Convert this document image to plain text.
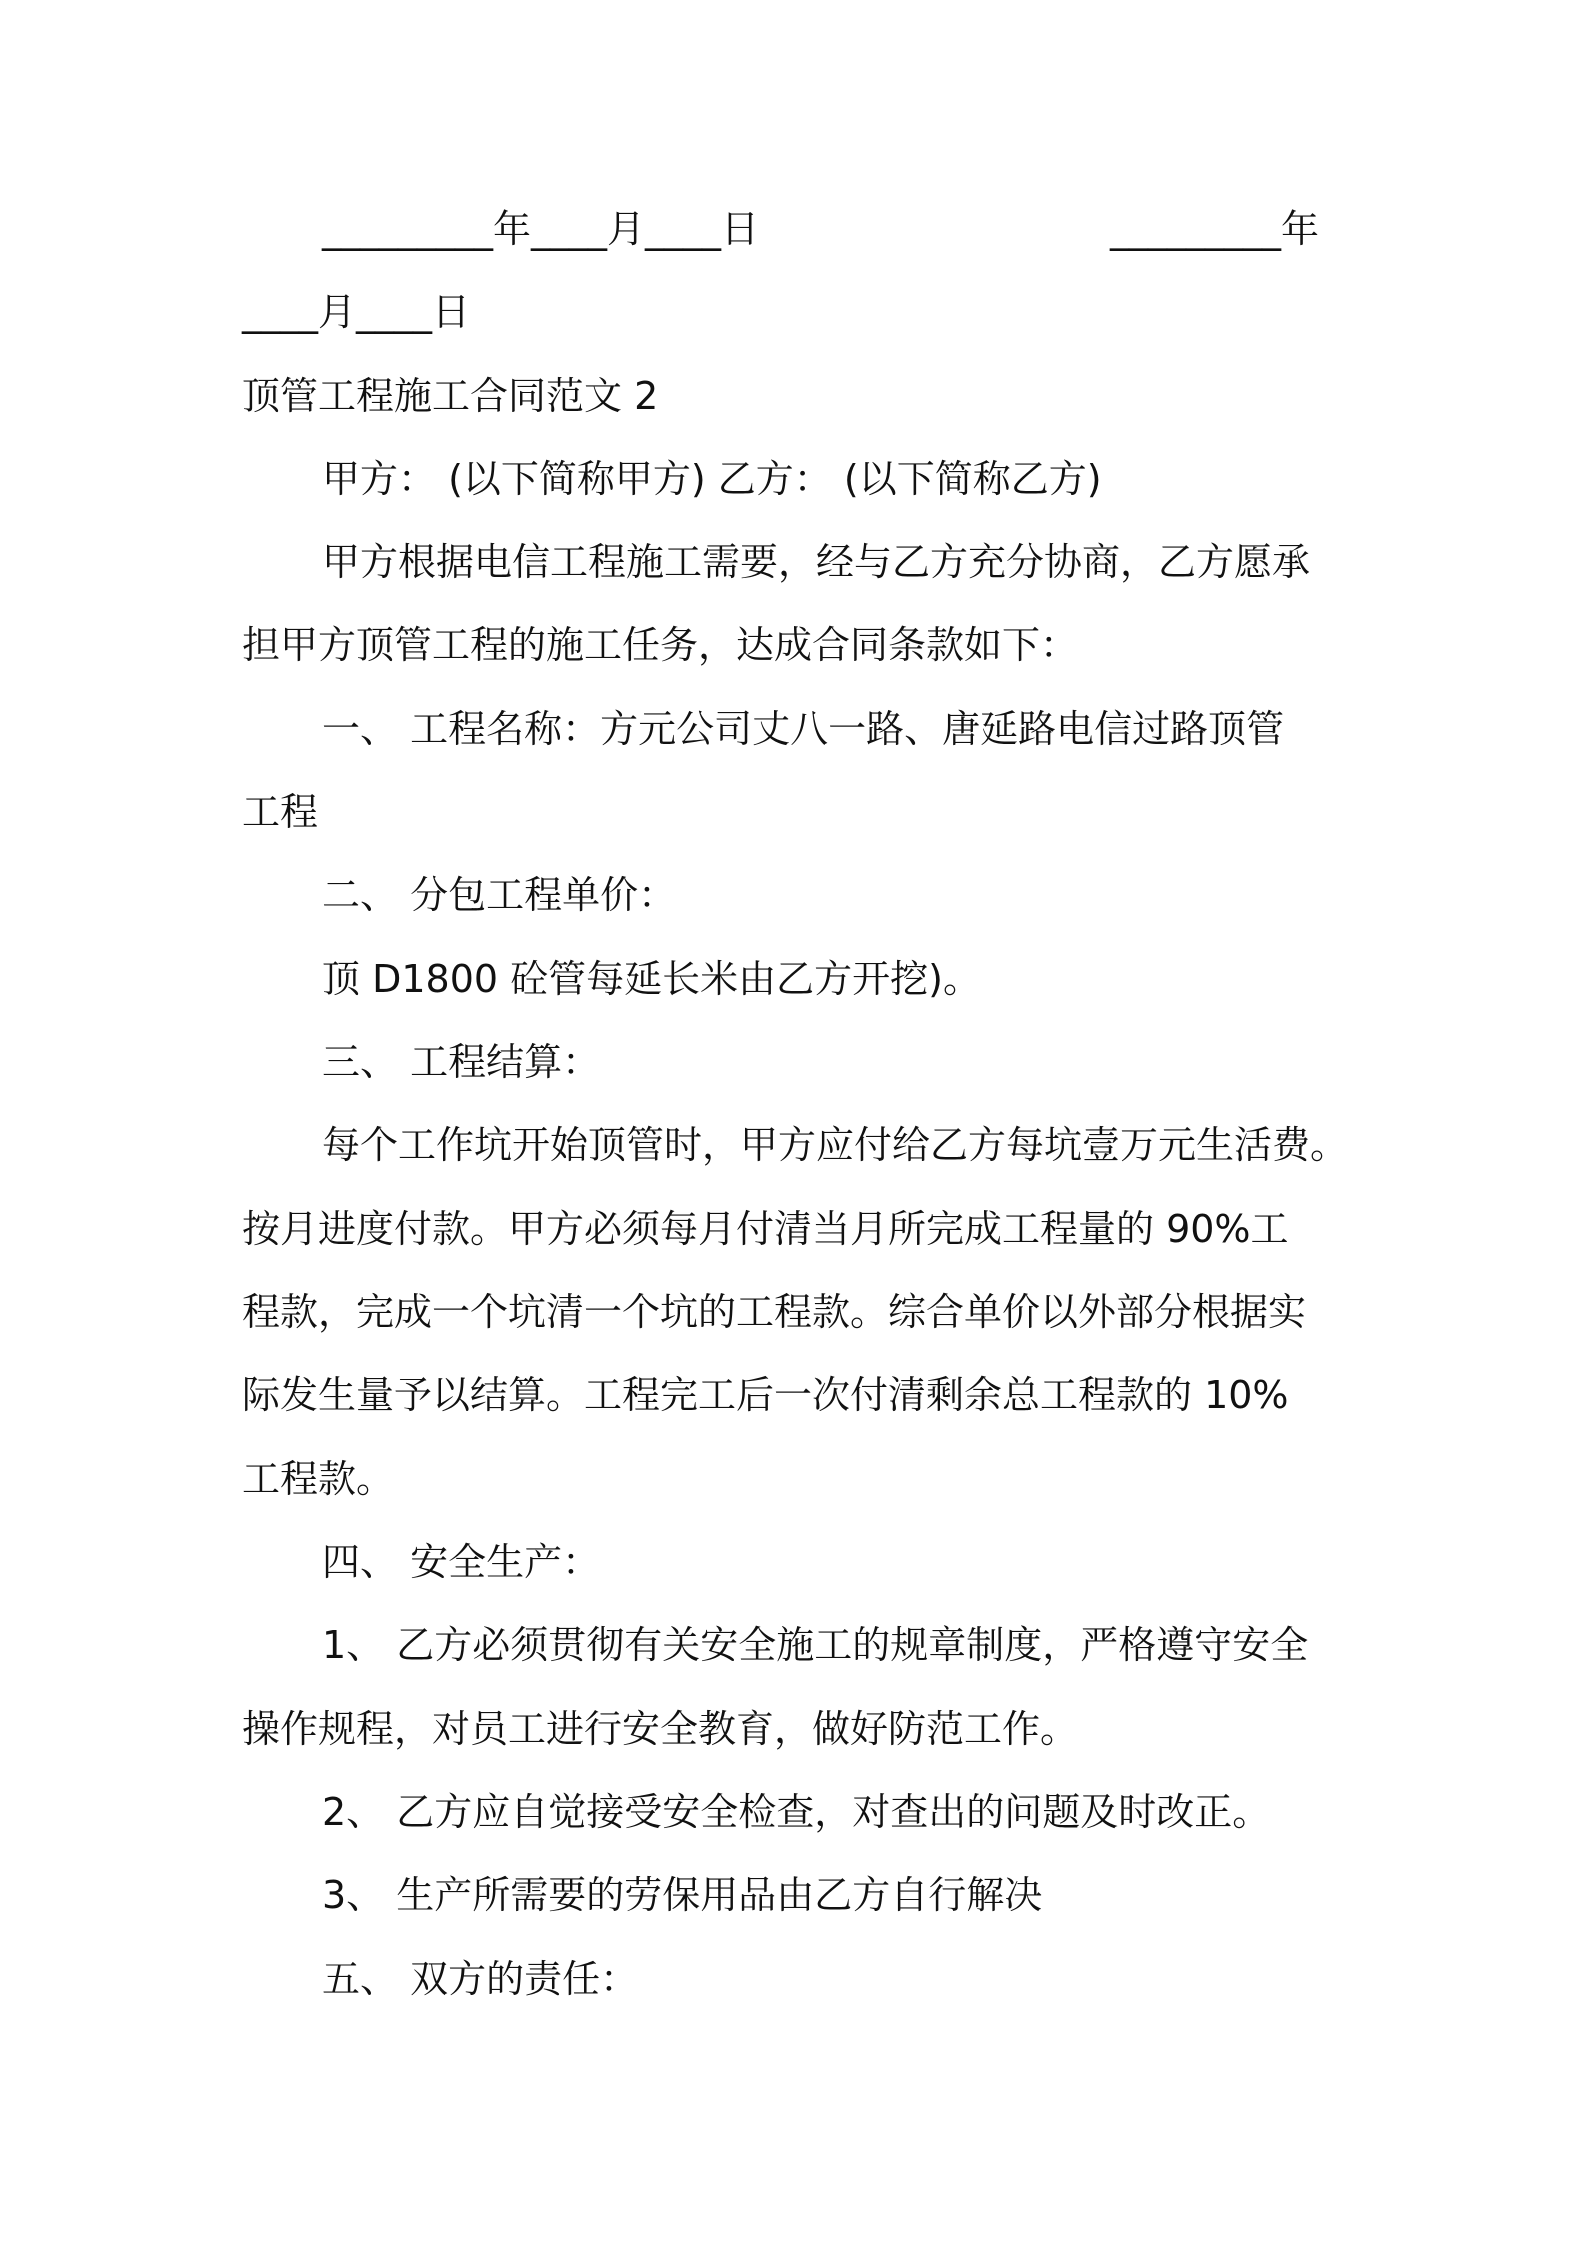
_________年____月____日	_________年
____月____日
顶管工程施工合同范文 2
甲方： (以下简称甲方) 乙方： (以下简称乙方)
甲方根据电信工程施工需要，经与乙方充分协商，乙方愿承
担甲方顶管工程的施工任务，达成合同条款如下：
一、 工程名称：方元公司丈八一路、唐延路电信过路顶管
工程
二、 分包工程单价：
顶 D1800 砼管每延长米由乙方开挖)。
三、 工程结算：
每个工作坑开始顶管时，甲方应付给乙方每坑壹万元生活费。
按月进度付款。甲方必须每月付清当月所完成工程量的 90%工
程款，完成一个坑清一个坑的工程款。综合单价以外部分根据实
际发生量予以结算。工程完工后一次付清剩余总工程款的 10%
工程款。
四、 安全生产：
1、 乙方必须贯彻有关安全施工的规章制度，严格遵守安全
操作规程，对员工进行安全教育，做好防范工作。
2、 乙方应自觉接受安全检查，对查出的问题及时改正。
3、 生产所需要的劳保用品由乙方自行解决
五、 双方的责任：
